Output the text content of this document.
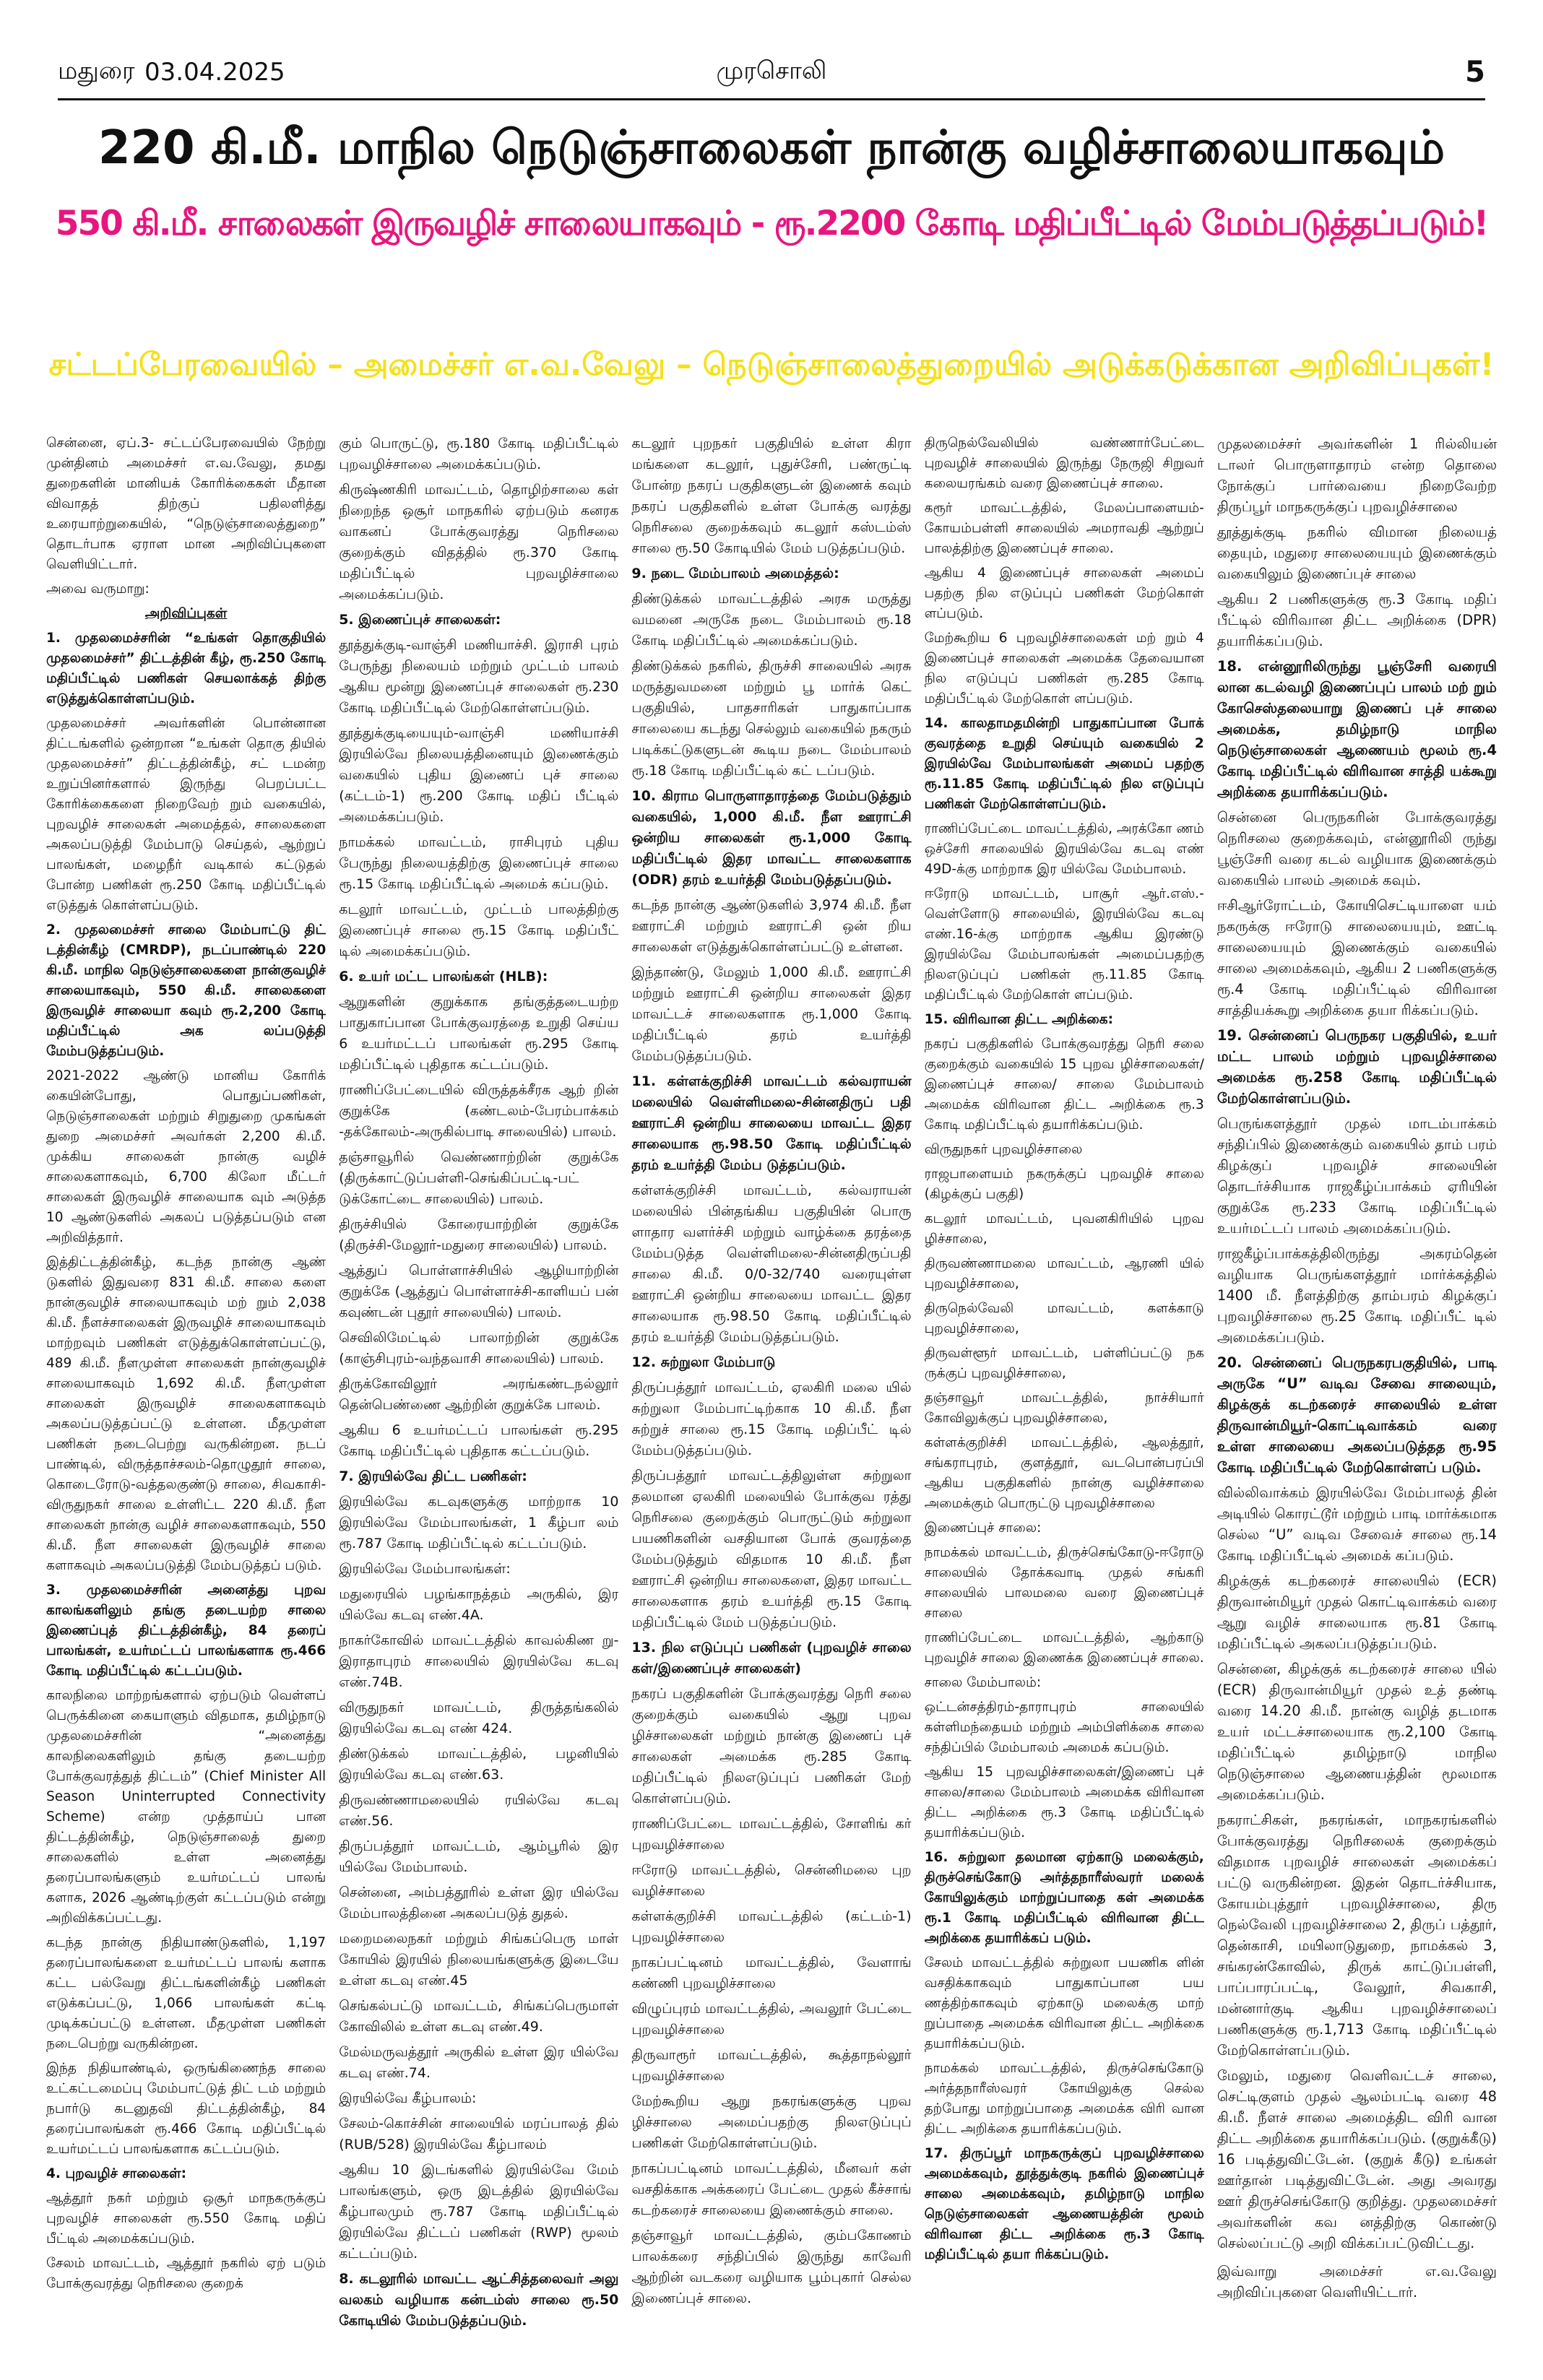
மதுரை 03.04.2025	முரசொலி	5
220 கி.மீ. மாநில நெடுஞ்சாலைகள் நான்கு வழிச்சாலையாகவும்
550 கி.மீ. சாலைகள் இருவழிச் சாலையாகவும் - ரூ.2200 கோடி மதிப்பீட்டில் மேம்படுத்தப்படும்!
சட்டப்பேரவையில் – அமைச்சர் எ.வ.வேலு – நெடுஞ்சாலைத்துறையில் அடுக்கடுக்கான அறிவிப்புகள்!

சென்னை, ஏப்.3- சட்டப்பேரவையில் நேற்று முன்தினம் அமைச்சர் எ.வ.வேலு, தமது துறைகளின் மானியக் கோரிக்கைகள் மீதான விவாதத் திற்குப் பதிலளித்து உரையாற்றுகையில், “நெடுஞ்சாலைத்துறை” தொடர்பாக ஏராள மான அறிவிப்புகளை வெளியிட்டார்.

அவை வருமாறு:

அறிவிப்புகள்

1. முதலமைச்சரின் “உங்கள் தொகுதியில் முதலமைச்சர்” திட்டத்தின் கீழ், ரூ.250 கோடி மதிப்பீட்டில் பணிகள் செயலாக்கத் திற்கு எடுத்துக்கொள்ளப்படும்.

முதலமைச்சர் அவர்களின் பொன்னான திட்டங்களில் ஒன்றான “உங்கள் தொகு தியில் முதலமைச்சர்” திட்டத்தின்கீழ், சட் டமன்ற உறுப்பினர்களால் இருந்து பெறப்பட்ட கோரிக்கைகளை நிறைவேற் றும் வகையில், புறவழிச் சாலைகள் அமைத்தல், சாலைகளை அகலப்படுத்தி மேம்பாடு செய்தல், ஆற்றுப் பாலங்கள், மழைநீர் வடிகால் கட்டுதல் போன்ற பணிகள் ரூ.250 கோடி மதிப்பீட்டில் எடுத்துக் கொள்ளப்படும்.

2. முதலமைச்சர் சாலை மேம்பாட்டு திட் டத்தின்கீழ் (CMRDP), நடப்பாண்டில் 220 கி.மீ. மாநில நெடுஞ்சாலைகளை நான்குவழிச் சாலையாகவும், 550 கி.மீ. சாலைகளை இருவழிச் சாலையா கவும் ரூ.2,200 கோடி மதிப்பீட்டில் அக லப்படுத்தி மேம்படுத்தப்படும்.

2021-2022 ஆண்டு மானிய கோரிக் கையின்போது, பொதுப்பணிகள், நெடுஞ்சாலைகள் மற்றும் சிறுதுறை முகங்கள் துறை அமைச்சர் அவர்கள் 2,200 கி.மீ. முக்கிய சாலைகள் நான்கு வழிச் சாலைகளாகவும், 6,700 கிலோ மீட்டர் சாலைகள் இருவழிச் சாலையாக வும் அடுத்த 10 ஆண்டுகளில் அகலப் படுத்தப்படும் என அறிவித்தார்.

இத்திட்டத்தின்கீழ், கடந்த நான்கு ஆண் டுகளில் இதுவரை 831 கி.மீ. சாலை களை நான்குவழிச் சாலையாகவும் மற் றும் 2,038 கி.மீ. நீளச்சாலைகள் இருவழிச் சாலையாகவும் மாற்றவும் பணிகள் எடுத்துக்கொள்ளப்பட்டு, 489 கி.மீ. நீளமுள்ள சாலைகள் நான்குவழிச் சாலையாகவும் 1,692 கி.மீ. நீளமுள்ள சாலைகள் இருவழிச் சாலைகளாகவும் அகலப்படுத்தப்பட்டு உள்ளன. மீதமுள்ள பணிகள் நடைபெற்று வருகின்றன. நடப் பாண்டில், விருத்தாச்சலம்-தொழுதூர் சாலை, கொடைரோடு-வத்தலகுண்டு சாலை, சிவகாசி-விருதுநகர் சாலை உள்ளிட்ட 220 கி.மீ. நீள சாலைகள் நான்கு வழிச் சாலைகளாகவும், 550 கி.மீ. நீள சாலைகள் இருவழிச் சாலை களாகவும் அகலப்படுத்தி மேம்படுத்தப் படும்.

3. முதலமைச்சரின் அனைத்து புறவ காலங்களிலும் தங்கு தடையற்ற சாலை இணைப்புத் திட்டத்தின்கீழ், 84 தரைப் பாலங்கள், உயர்மட்டப் பாலங்களாக ரூ.466 கோடி மதிப்பீட்டில் கட்டப்படும்.

காலநிலை மாற்றங்களால் ஏற்படும் வெள்ளப் பெருக்கினை கையாளும் விதமாக, தமிழ்நாடு முதலமைச்சரின் “அனைத்து காலநிலைகளிலும் தங்கு தடையற்ற போக்குவரத்துத் திட்டம்” (Chief Minister All Season Uninterrupted Connectivity Scheme) என்ற முத்தாய்ப் பான திட்டத்தின்கீழ், நெடுஞ்சாலைத் துறை சாலைகளில் உள்ள அனைத்து தரைப்பாலங்களும் உயர்மட்டப் பாலங் களாக, 2026 ஆண்டிற்குள் கட்டப்படும் என்று அறிவிக்கப்பட்டது.

கடந்த நான்கு நிதியாண்டுகளில், 1,197 தரைப்பாலங்களை உயர்மட்டப் பாலங் களாக கட்ட பல்வேறு திட்டங்களின்கீழ் பணிகள் எடுக்கப்பட்டு, 1,066 பாலங்கள் கட்டி முடிக்கப்பட்டு உள்ளன. மீதமுள்ள பணிகள் நடைபெற்று வருகின்றன.

இந்த நிதியாண்டில், ஒருங்கிணைந்த சாலை உட்கட்டமைப்பு மேம்பாட்டுத் திட் டம் மற்றும் நபார்டு கடனுதவி திட்டத்தின்கீழ், 84 தரைப்பாலங்கள் ரூ.466 கோடி மதிப்பீட்டில் உயர்மட்டப் பாலங்களாக கட்டப்படும்.

4. புறவழிச் சாலைகள்:

ஆத்தூர் நகர் மற்றும் ஒசூர் மாநகருக்குப் புறவழிச் சாலைகள் ரூ.550 கோடி மதிப் பீட்டில் அமைக்கப்படும்.

சேலம் மாவட்டம், ஆத்தூர் நகரில் ஏற் படும் போக்குவரத்து நெரிசலை குறைக்

கும் பொருட்டு, ரூ.180 கோடி மதிப்பீட்டில் புறவழிச்சாலை அமைக்கப்படும்.

கிருஷ்ணகிரி மாவட்டம், தொழிற்சாலை கள் நிறைந்த ஒசூர் மாநகரில் ஏற்படும் கனரக வாகனப் போக்குவரத்து நெரிசலை குறைக்கும் விதத்தில் ரூ.370 கோடி மதிப்பீட்டில் புறவழிச்சாலை அமைக்கப்படும்.

5. இணைப்புச் சாலைகள்:

தூத்துக்குடி-வாஞ்சி மணியாச்சி. இராசி புரம் பேருந்து நிலையம் மற்றும் முட்டம் பாலம் ஆகிய மூன்று இணைப்புச் சாலைகள் ரூ.230 கோடி மதிப்பீட்டில் மேற்கொள்ளப்படும்.

தூத்துக்குடியையும்-வாஞ்சி மணியாச்சி இரயில்வே நிலையத்தினையும் இணைக்கும் வகையில் புதிய இணைப் புச் சாலை (கட்டம்-1) ரூ.200 கோடி மதிப் பீட்டில் அமைக்கப்படும்.

நாமக்கல் மாவட்டம், ராசிபுரம் புதிய பேருந்து நிலையத்திற்கு இணைப்புச் சாலை ரூ.15 கோடி மதிப்பீட்டில் அமைக் கப்படும்.

கடலூர் மாவட்டம், முட்டம் பாலத்திற்கு இணைப்புச் சாலை ரூ.15 கோடி மதிப்பீட் டில் அமைக்கப்படும்.

6. உயர் மட்ட பாலங்கள் (HLB):

ஆறுகளின் குறுக்காக தங்குத்தடையற்ற பாதுகாப்பான போக்குவரத்தை உறுதி செய்ய 6 உயர்மட்டப் பாலங்கள் ரூ.295 கோடி மதிப்பீட்டில் புதிதாக கட்டப்படும்.

ராணிப்பேட்டையில் விருத்தக்சீரக ஆற் றின் குறுக்கே (கண்டலம்-பேரம்பாக்கம் -தக்கோலம்-அருகில்பாடி சாலையில்) பாலம்.

தஞ்சாவூரில் வெண்ணாற்றின் குறுக்கே (திருக்காட்டுப்பள்ளி-செங்கிப்பட்டி-பட் டுக்கோட்டை சாலையில்) பாலம்.

திருச்சியில் கோரையாற்றின் குறுக்கே (திருச்சி-மேலூர்-மதுரை சாலையில்) பாலம்.

ஆத்துப் பொள்ளாச்சியில் ஆழியாற்றின் குறுக்கே (ஆத்துப் பொள்ளாச்சி-காளியப் பன் கவுண்டன் புதூர் சாலையில்) பாலம்.

செவிலிமேட்டில் பாலாற்றின் குறுக்கே (காஞ்சிபுரம்-வந்தவாசி சாலையில்) பாலம்.

திருக்கோவிலூர் அரங்கண்டநல்லூர் தென்பெண்ணை ஆற்றின் குறுக்கே பாலம்.

ஆகிய 6 உயர்மட்டப் பாலங்கள் ரூ.295 கோடி மதிப்பீட்டில் புதிதாக கட்டப்படும்.

7. இரயில்வே திட்ட பணிகள்:

இரயில்வே கடவுகளுக்கு மாற்றாக 10 இரயில்வே மேம்பாலங்கள், 1 கீழ்பா லம் ரூ.787 கோடி மதிப்பீட்டில் கட்டப்படும்.

இரயில்வே மேம்பாலங்கள்:

மதுரையில் பழங்காநத்தம் அருகில், இர யில்வே கடவு எண்.4A.

நாகர்கோவில் மாவட்டத்தில் காவல்கிண று-இராதாபுரம் சாலையில் இரயில்வே கடவு எண்.74B.

விருதுநகர் மாவட்டம், திருத்தங்கலில் இரயில்வே கடவு எண் 424.

திண்டுக்கல் மாவட்டத்தில், பழனியில் இரயில்வே கடவு எண்.63.

திருவண்ணாமலையில் ரயில்வே கடவு எண்.56.

திருப்பத்தூர் மாவட்டம், ஆம்பூரில் இர யில்வே மேம்பாலம்.

சென்னை, அம்பத்தூரில் உள்ள இர யில்வே மேம்பாலத்தினை அகலப்படுத் துதல்.

மறைமலைநகர் மற்றும் சிங்கப்பெரு மாள் கோயில் இரயில் நிலையங்களுக்கு இடையே உள்ள கடவு எண்.45

செங்கல்பட்டு மாவட்டம், சிங்கப்பெருமாள் கோவிலில் உள்ள கடவு எண்.49.

மேல்மருவத்தூர் அருகில் உள்ள இர யில்வே கடவு எண்.74.

இரயில்வே கீழ்பாலம்:

சேலம்-கொச்சின் சாலையில் மரப்பாலத் தில் (RUB/528) இரயில்வே கீழ்பாலம்

ஆகிய 10 இடங்களில் இரயில்வே மேம் பாலங்களும், ஒரு இடத்தில் இரயில்வே கீழ்பாலமும் ரூ.787 கோடி மதிப்பீட்டில் இரயில்வே திட்டப் பணிகள் (RWP) மூலம் கட்டப்படும்.

8. கடலூரில் மாவட்ட ஆட்சித்தலைவர் அலு வலகம் வழியாக கன்டம்ஸ் சாலை ரூ.50 கோடியில் மேம்படுத்தப்படும்.

கடலூர் புறநகர் பகுதியில் உள்ள கிரா மங்களை கடலூர், புதுச்சேரி, பண்ருட்டி போன்ற நகரப் பகுதிகளுடன் இணைக் கவும் நகரப் பகுதிகளில் உள்ள போக்கு வரத்து நெரிசலை குறைக்கவும் கடலூர் கஸ்டம்ஸ் சாலை ரூ.50 கோடியில் மேம் படுத்தப்படும்.

9. நடை மேம்பாலம் அமைத்தல்:

திண்டுக்கல் மாவட்டத்தில் அரசு மருத்து வமனை அருகே நடை மேம்பாலம் ரூ.18 கோடி மதிப்பீட்டில் அமைக்கப்படும்.

திண்டுக்கல் நகரில், திருச்சி சாலையில் அரசு மருத்துவமனை மற்றும் பூ மார்க் கெட் பகுதியில், பாதசாரிகள் பாதுகாப்பாக சாலையை கடந்து செல்லும் வகையில் நகரும் படிக்கட்டுகளுடன் கூடிய நடை மேம்பாலம் ரூ.18 கோடி மதிப்பீட்டில் கட் டப்படும்.

10. கிராம பொருளாதாரத்தை மேம்படுத்தும் வகையில், 1,000 கி.மீ. நீள ஊராட்சி ஒன்றிய சாலைகள் ரூ.1,000 கோடி மதிப்பீட்டில் இதர மாவட்ட சாலைகளாக (ODR) தரம் உயர்த்தி மேம்படுத்தப்படும்.

கடந்த நான்கு ஆண்டுகளில் 3,974 கி.மீ. நீள ஊராட்சி மற்றும் ஊராட்சி ஒன் றிய சாலைகள் எடுத்துக்கொள்ளப்பட்டு உள்ளன.

இந்தாண்டு, மேலும் 1,000 கி.மீ. ஊராட்சி மற்றும் ஊராட்சி ஒன்றிய சாலைகள் இதர மாவட்டச் சாலைகளாக ரூ.1,000 கோடி மதிப்பீட்டில் தரம் உயர்த்தி மேம்படுத்தப்படும்.

11. கள்ளக்குறிச்சி மாவட்டம் கல்வராயன் மலையில் வெள்ளிமலை-சின்னதிருப் பதி ஊராட்சி ஒன்றிய சாலையை மாவட்ட இதர சாலையாக ரூ.98.50 கோடி மதிப்பீட்டில் தரம் உயர்த்தி மேம்ப டுத்தப்படும்.

கள்ளக்குறிச்சி மாவட்டம், கல்வராயன் மலையில் பின்தங்கிய பகுதியின் பொரு ளாதார வளர்ச்சி மற்றும் வாழ்க்கை தரத்தை மேம்படுத்த வெள்ளிமலை-சின்னதிருப்பதி சாலை கி.மீ. 0/0-32/740 வரையுள்ள ஊராட்சி ஒன்றிய சாலையை மாவட்ட இதர சாலையாக ரூ.98.50 கோடி மதிப்பீட்டில் தரம் உயர்த்தி மேம்படுத்தப்படும்.

12. சுற்றுலா மேம்பாடு

திருப்பத்தூர் மாவட்டம், ஏலகிரி மலை யில் சுற்றுலா மேம்பாட்டிற்காக 10 கி.மீ. நீள சுற்றுச் சாலை ரூ.15 கோடி மதிப்பீட் டில் மேம்படுத்தப்படும்.

திருப்பத்தூர் மாவட்டத்திலுள்ள சுற்றுலா தலமான ஏலகிரி மலையில் போக்குவ ரத்து நெரிசலை குறைக்கும் பொருட்டும் சுற்றுலா பயணிகளின் வசதியான போக் குவரத்தை மேம்படுத்தும் விதமாக 10 கி.மீ. நீள ஊராட்சி ஒன்றிய சாலைகளை, இதர மாவட்ட சாலைகளாக தரம் உயர்த்தி ரூ.15 கோடி மதிப்பீட்டில் மேம் படுத்தப்படும்.

13. நில எடுப்புப் பணிகள் (புறவழிச் சாலை கள்/இணைப்புச் சாலைகள்)

நகரப் பகுதிகளின் போக்குவரத்து நெரி சலை குறைக்கும் வகையில் ஆறு புறவ ழிச்சாலைகள் மற்றும் நான்கு இணைப் புச் சாலைகள் அமைக்க ரூ.285 கோடி மதிப்பீட்டில் நிலஎடுப்புப் பணிகள் மேற் கொள்ளப்படும்.

ராணிப்பேட்டை மாவட்டத்தில், சோளிங் கர் புறவழிச்சாலை

ஈரோடு மாவட்டத்தில், சென்னிமலை புற வழிச்சாலை

கள்ளக்குறிச்சி மாவட்டத்தில் (கட்டம்-1) புறவழிச்சாலை

நாகப்பட்டினம் மாவட்டத்தில், வேளாங் கண்ணி புறவழிச்சாலை

விழுப்புரம் மாவட்டத்தில், அவலூர் பேட்டை புறவழிச்சாலை

திருவாரூர் மாவட்டத்தில், கூத்தாநல்லூர் புறவழிச்சாலை

மேற்கூறிய ஆறு நகரங்களுக்கு புறவ ழிச்சாலை அமைப்பதற்கு நிலஎடுப்புப் பணிகள் மேற்கொள்ளப்படும்.

நாகப்பட்டினம் மாவட்டத்தில், மீனவர் கள் வசதிக்காக அக்கரைப் பேட்டை முதல் கீச்சாங் கடற்கரைச் சாலையை இணைக்கும் சாலை.

தஞ்சாவூர் மாவட்டத்தில், கும்பகோணம் பாலக்கரை சந்திப்பில் இருந்து காவேரி ஆற்றின் வடகரை வழியாக பூம்புகார் செல்ல இணைப்புச் சாலை.

திருநெல்வேலியில் வண்ணார்பேட்டை புறவழிச் சாலையில் இருந்து நேருஜி சிறுவர் கலையரங்கம் வரை இணைப்புச் சாலை.

கரூர் மாவட்டத்தில், மேலப்பாளையம்-கோயம்பள்ளி சாலையில் அமராவதி ஆற்றுப் பாலத்திற்கு இணைப்புச் சாலை.

ஆகிய 4 இணைப்புச் சாலைகள் அமைப் பதற்கு நில எடுப்புப் பணிகள் மேற்கொள் ளப்படும்.

மேற்கூறிய 6 புறவழிச்சாலைகள் மற் றும் 4 இணைப்புச் சாலைகள் அமைக்க தேவையான நில எடுப்புப் பணிகள் ரூ.285 கோடி மதிப்பீட்டில் மேற்கொள் ளப்படும்.

14. காலதாமதமின்றி பாதுகாப்பான போக் குவரத்தை உறுதி செய்யும் வகையில் 2 இரயில்வே மேம்பாலங்கள் அமைப் பதற்கு ரூ.11.85 கோடி மதிப்பீட்டில் நில எடுப்புப் பணிகள் மேற்கொள்ளப்படும்.

ராணிப்பேட்டை மாவட்டத்தில், அரக்கோ ணம் ஒச்சேரி சாலையில் இரயில்வே கடவு எண் 49D-க்கு மாற்றாக இர யில்வே மேம்பாலம்.

ஈரோடு மாவட்டம், பாசூர் ஆர்.எஸ்.-வெள்ளோடு சாலையில், இரயில்வே கடவு எண்.16-க்கு மாற்றாக ஆகிய இரண்டு இரயில்வே மேம்பாலங்கள் அமைப்பதற்கு நிலஎடுப்புப் பணிகள் ரூ.11.85 கோடி மதிப்பீட்டில் மேற்கொள் ளப்படும்.

15. விரிவான திட்ட அறிக்கை:

நகரப் பகுதிகளில் போக்குவரத்து நெரி சலை குறைக்கும் வகையில் 15 புறவ ழிச்சாலைகள்/இணைப்புச் சாலை/ சாலை மேம்பாலம் அமைக்க விரிவான திட்ட அறிக்கை ரூ.3 கோடி மதிப்பீட்டில் தயாரிக்கப்படும்.

விருதுநகர் புறவழிச்சாலை

ராஜபாளையம் நகருக்குப் புறவழிச் சாலை (கிழக்குப் பகுதி)

கடலூர் மாவட்டம், புவனகிரியில் புறவ ழிச்சாலை,

திருவண்ணாமலை மாவட்டம், ஆரணி யில் புறவழிச்சாலை,

திருநெல்வேலி மாவட்டம், களக்காடு புறவழிச்சாலை,

திருவள்ளூர் மாவட்டம், பள்ளிப்பட்டு நக ருக்குப் புறவழிச்சாலை,

தஞ்சாவூர் மாவட்டத்தில், நாச்சியார் கோவிலுக்குப் புறவழிச்சாலை,

கள்ளக்குறிச்சி மாவட்டத்தில், ஆலத்தூர், சங்கராபுரம், குளத்தூர், வடபொன்பரப்பி ஆகிய பகுதிகளில் நான்கு வழிச்சாலை அமைக்கும் பொருட்டு புறவழிச்சாலை

இணைப்புச் சாலை:

நாமக்கல் மாவட்டம், திருச்செங்கோடு-ஈரோடு சாலையில் தோக்கவாடி முதல் சங்கரி சாலையில் பாலமலை வரை இணைப்புச் சாலை

ராணிப்பேட்டை மாவட்டத்தில், ஆற்காடு புறவழிச் சாலை இணைக்க இணைப்புச் சாலை.

சாலை மேம்பாலம்:

ஒட்டன்சத்திரம்-தாராபுரம் சாலையில் கள்ளிமந்தையம் மற்றும் அம்பிளிக்கை சாலை சந்திப்பில் மேம்பாலம் அமைக் கப்படும்.

ஆகிய 15 புறவழிச்சாலைகள்/இணைப் புச் சாலை/சாலை மேம்பாலம் அமைக்க விரிவான திட்ட அறிக்கை ரூ.3 கோடி மதிப்பீட்டில் தயாரிக்கப்படும்.

16. சுற்றுலா தலமான ஏற்காடு மலைக்கும், திருச்செங்கோடு அர்த்தநாரீஸ்வரர் மலைக் கோயிலுக்கும் மாற்றுப்பாதை கள் அமைக்க ரூ.1 கோடி மதிப்பீட்டில் விரிவான திட்ட அறிக்கை தயாரிக்கப் படும்.

சேலம் மாவட்டத்தில் சுற்றுலா பயணிக ளின் வசதிக்காகவும் பாதுகாப்பான பய ணத்திற்காகவும் ஏற்காடு மலைக்கு மாற் றுப்பாதை அமைக்க விரிவான திட்ட அறிக்கை தயாரிக்கப்படும்.

நாமக்கல் மாவட்டத்தில், திருச்செங்கோடு அர்த்தநாரீஸ்வரர் கோயிலுக்கு செல்ல தற்போது மாற்றுப்பாதை அமைக்க விரி வான திட்ட அறிக்கை தயாரிக்கப்படும்.

17. திருப்பூர் மாநகருக்குப் புறவழிச்சாலை அமைக்கவும், தூத்துக்குடி நகரில் இணைப்புச் சாலை அமைக்கவும், தமிழ்நாடு மாநில நெடுஞ்சாலைகள் ஆணையத்தின் மூலம் விரிவான திட்ட அறிக்கை ரூ.3 கோடி மதிப்பீட்டில் தயா ரிக்கப்படும்.

முதலமைச்சர் அவர்களின் 1 ரில்லியன் டாலர் பொருளாதாரம் என்ற தொலை நோக்குப் பார்வையை நிறைவேற்ற திருப்பூர் மாநகருக்குப் புறவழிச்சாலை

தூத்துக்குடி நகரில் விமான நிலையத் தையும், மதுரை சாலையையும் இணைக்கும் வகையிலும் இணைப்புச் சாலை

ஆகிய 2 பணிகளுக்கு ரூ.3 கோடி மதிப் பீட்டில் விரிவான திட்ட அறிக்கை (DPR) தயாரிக்கப்படும்.

18. என்னூரிலிருந்து பூஞ்சேரி வரையி லான கடல்வழி இணைப்புப் பாலம் மற் றும் கோசெஸ்தலையாறு இணைப் புச் சாலை அமைக்க, தமிழ்நாடு மாநில நெடுஞ்சாலைகள் ஆணையம் மூலம் ரூ.4 கோடி மதிப்பீட்டில் விரிவான சாத்தி யக்கூறு அறிக்கை தயாரிக்கப்படும்.

சென்னை பெருநகரின் போக்குவரத்து நெரிசலை குறைக்கவும், என்னூரிலி ருந்து பூஞ்சேரி வரை கடல் வழியாக இணைக்கும் வகையில் பாலம் அமைக் கவும்.

ஈசிஆர்ரோட்டம், கோயிசெட்டியாளை யம் நகருக்கு ஈரோடு சாலையையும், ஊட்டி சாலையையும் இணைக்கும் வகையில் சாலை அமைக்கவும், ஆகிய 2 பணிகளுக்கு ரூ.4 கோடி மதிப்பீட்டில் விரிவான சாத்தியக்கூறு அறிக்கை தயா ரிக்கப்படும்.

19. சென்னைப் பெருநகர பகுதியில், உயர் மட்ட பாலம் மற்றும் புறவழிச்சாலை அமைக்க ரூ.258 கோடி மதிப்பீட்டில் மேற்கொள்ளப்படும்.

பெருங்களத்தூர் முதல் மாடம்பாக்கம் சந்திப்பில் இணைக்கும் வகையில் தாம் பரம் கிழக்குப் புறவழிச் சாலையின் தொடர்ச்சியாக ராஜகீழ்ப்பாக்கம் ஏரியின் குறுக்கே ரூ.233 கோடி மதிப்பீட்டில் உயர்மட்டப் பாலம் அமைக்கப்படும்.

ராஜகீழ்ப்பாக்கத்திலிருந்து அகரம்தென் வழியாக பெருங்களத்தூர் மார்க்கத்தில் 1400 மீ. நீளத்திற்கு தாம்பரம் கிழக்குப் புறவழிச்சாலை ரூ.25 கோடி மதிப்பீட் டில் அமைக்கப்படும்.

20. சென்னைப் பெருநகரபகுதியில், பாடி அருகே “U” வடிவ சேவை சாலையும், கிழக்குக் கடற்கரைச் சாலையில் உள்ள திருவான்மியூர்-கொட்டிவாக்கம் வரை உள்ள சாலையை அகலப்படுத்தத ரூ.95 கோடி மதிப்பீட்டில் மேற்கொள்ளப் படும்.

வில்லிவாக்கம் இரயில்வே மேம்பாலத் தின் அடியில் கொரட்டூர் மற்றும் பாடி மார்க்கமாக செல்ல “U” வடிவ சேவைச் சாலை ரூ.14 கோடி மதிப்பீட்டில் அமைக் கப்படும்.

கிழக்குக் கடற்கரைச் சாலையில் (ECR) திருவான்மியூர் முதல் கொட்டிவாக்கம் வரை ஆறு வழிச் சாலையாக ரூ.81 கோடி மதிப்பீட்டில் அகலப்படுத்தப்படும்.

சென்னை, கிழக்குக் கடற்கரைச் சாலை யில் (ECR) திருவான்மியூர் முதல் உத் தண்டி வரை 14.20 கி.மீ. நான்கு வழித் தடமாக உயர் மட்டச்சாலையாக ரூ.2,100 கோடி மதிப்பீட்டில் தமிழ்நாடு மாநில நெடுஞ்சாலை ஆணையத்தின் மூலமாக அமைக்கப்படும்.

நகராட்சிகள், நகரங்கள், மாநகரங்களில் போக்குவரத்து நெரிசலைக் குறைக்கும் விதமாக புறவழிச் சாலைகள் அமைக்கப் பட்டு வருகின்றன. இதன் தொடர்ச்சியாக, கோயம்புத்தூர் புறவழிச்சாலை, திரு நெல்வேலி புறவழிச்சாலை 2, திருப் பத்தூர், தென்காசி, மயிலாடுதுறை, நாமக்கல் 3, சங்கரன்கோவில், திருக் காட்டுப்பள்ளி, பாப்பாரப்பட்டி, வேலூர், சிவகாசி, மன்னார்குடி ஆகிய புறவழிச்சாலைப் பணிகளுக்கு ரூ.1,713 கோடி மதிப்பீட்டில் மேற்கொள்ளப்படும்.

மேலும், மதுரை வெளிவட்டச் சாலை, செட்டிகுளம் முதல் ஆலம்பட்டி வரை 48 கி.மீ. நீளச் சாலை அமைத்திட விரி வான திட்ட அறிக்கை தயாரிக்கப்படும். (குறுக்கீடு) 16 படித்துவிட்டேன். (குறுக் கீடு) உங்கள் ஊர்தான் படித்துவிட்டேன். அது அவரது ஊர் திருச்செங்கோடு குறித்து. முதலமைச்சர் அவர்களின் கவ னத்திற்கு கொண்டு செல்லப்பட்டு அறி விக்கப்பட்டுவிட்டது.

இவ்வாறு அமைச்சர் எ.வ.வேலு அறிவிப்புகளை வெளியிட்டார்.
